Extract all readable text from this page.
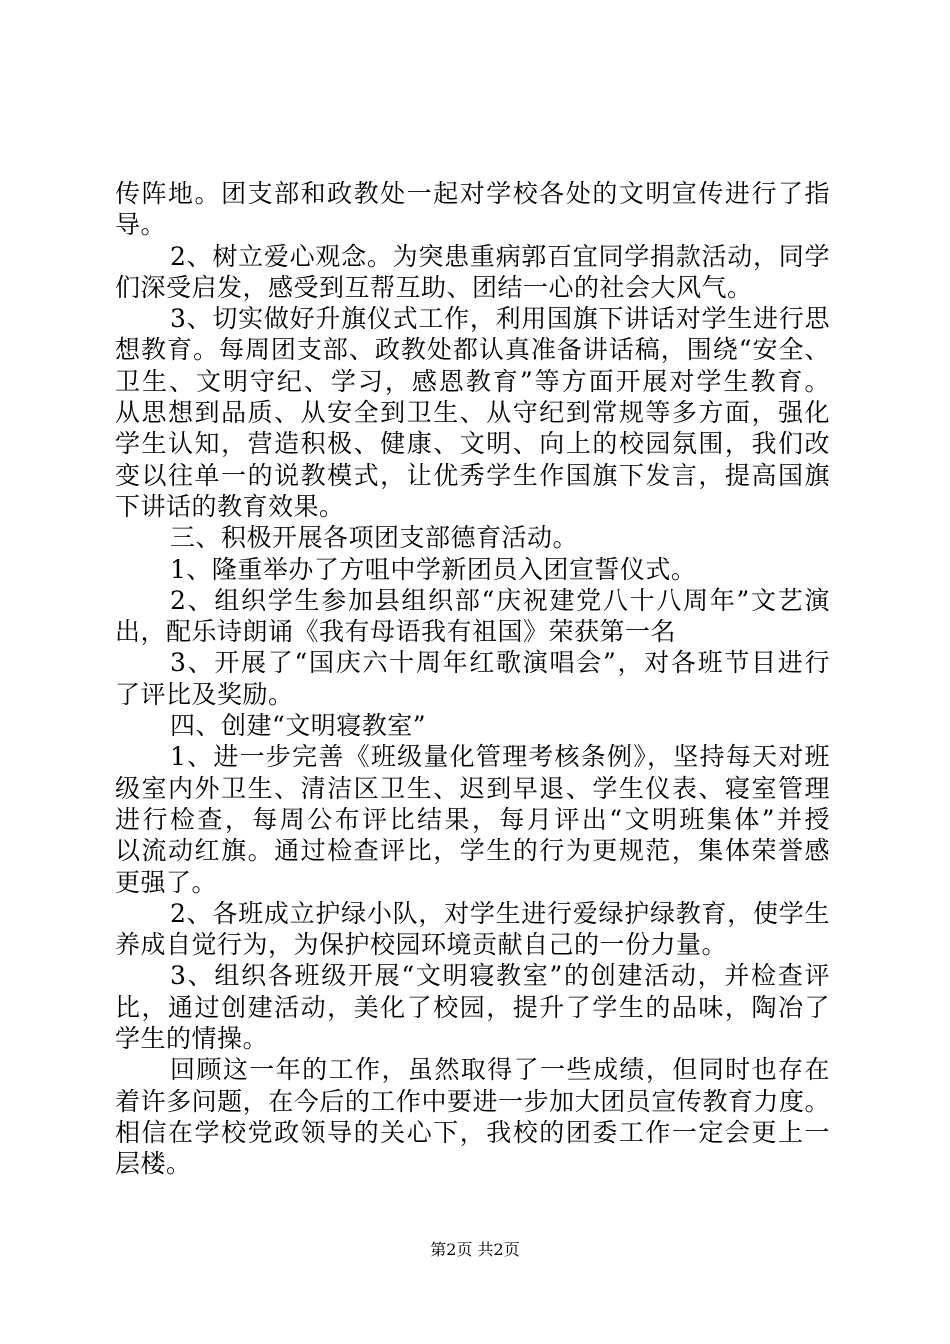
传阵地。团支部和政教处一起对学校各处的文明宣传进行了指
导。
2、树立爱心观念。为突患重病郭百宜同学捐款活动，同学
们深受启发，感受到互帮互助、团结一心的社会大风气。
3、切实做好升旗仪式工作，利用国旗下讲话对学生进行思
想教育。每周团支部、政教处都认真准备讲话稿，围绕“安全、
卫生、文明守纪、学习，感恩教育”等方面开展对学生教育。
从思想到品质、从安全到卫生、从守纪到常规等多方面，强化
学生认知，营造积极、健康、文明、向上的校园氛围，我们改
变以往单一的说教模式，让优秀学生作国旗下发言，提高国旗
下讲话的教育效果。
三、积极开展各项团支部德育活动。
1、隆重举办了方咀中学新团员入团宣誓仪式。
2、组织学生参加县组织部“庆祝建党八十八周年”文艺演
出，配乐诗朗诵《我有母语我有祖国》荣获第一名
3、开展了“国庆六十周年红歌演唱会”，对各班节目进行
了评比及奖励。
四、创建“文明寝教室”
1、进一步完善《班级量化管理考核条例》，坚持每天对班
级室内外卫生、清洁区卫生、迟到早退、学生仪表、寝室管理
进行检查，每周公布评比结果，每月评出“文明班集体”并授
以流动红旗。通过检查评比，学生的行为更规范，集体荣誉感
更强了。
2、各班成立护绿小队，对学生进行爱绿护绿教育，使学生
养成自觉行为，为保护校园环境贡献自己的一份力量。
3、组织各班级开展“文明寝教室”的创建活动，并检查评
比，通过创建活动，美化了校园，提升了学生的品味，陶冶了
学生的情操。
回顾这一年的工作，虽然取得了一些成绩，但同时也存在
着许多问题，在今后的工作中要进一步加大团员宣传教育力度。
相信在学校党政领导的关心下，我校的团委工作一定会更上一
层楼。
第2页 共2页
